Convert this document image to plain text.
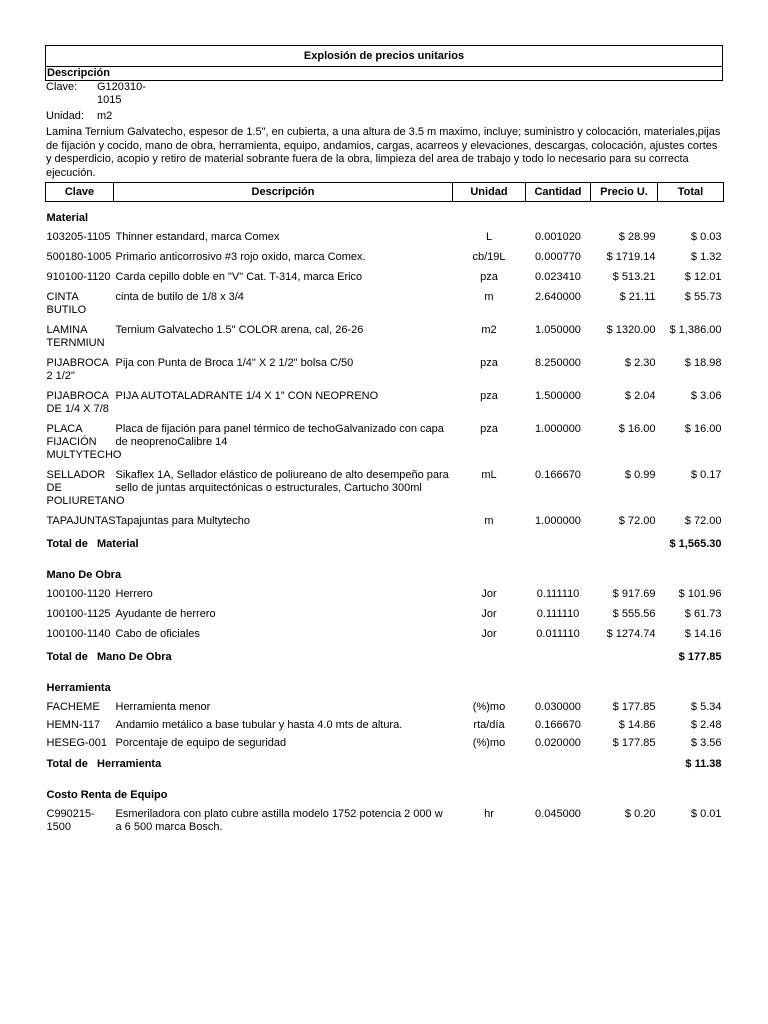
Explosión de precios unitarios
Descripción
Clave: G120310-1015
Unidad: m2
Lamina Ternium Galvatecho, espesor de 1.5", en cubierta, a una altura de 3.5 m maximo, incluye; suministro y colocación, materiales,pijas de fijación y cocido, mano de obra, herramienta, equipo, andamios, cargas, acarreos y elevaciones, descargas, colocación, ajustes cortes y desperdicio, acopio y retiro de material sobrante fuera de la obra, limpieza del area de trabajo y todo lo necesario para su correcta ejecución.
Clave	Descripción	Unidad	Cantidad	Precio U.	Total
Material					
103205-1105	Thinner estandard, marca Comex	L	0.001020	$ 28.99	$ 0.03
500180-1005	Primario anticorrosivo #3 rojo oxido, marca Comex.	cb/19L	0.000770	$ 1719.14	$ 1.32
910100-1120	Carda cepillo doble en "V" Cat. T-314, marca Erico	pza	0.023410	$ 513.21	$ 12.01
CINTA BUTILO	cinta de butilo de 1/8 x 3/4	m	2.640000	$ 21.11	$ 55.73
LAMINA TERNMIUN	Ternium Galvatecho 1.5" COLOR arena, cal, 26-26	m2	1.050000	$ 1320.00	$ 1,386.00
PIJABROCA 2 1/2"	Pija con Punta de Broca 1/4" X 2 1/2" bolsa C/50	pza	8.250000	$ 2.30	$ 18.98
PIJABROCA DE 1/4 X 7/8	PIJA AUTOTALADRANTE 1/4 X 1" CON NEOPRENO	pza	1.500000	$ 2.04	$ 3.06
PLACA FIJACIÓN MULTYTECHO	Placa de fijación para panel térmico de techoGalvanizado con capa de neoprenoCalibre 14	pza	1.000000	$ 16.00	$ 16.00
SELLADOR DE POLIURETANO	Sikaflex 1A, Sellador elástico de poliureano de alto desempeño para sello de juntas arquitectónicas o estructurales, Cartucho 300ml	mL	0.166670	$ 0.99	$ 0.17
TAPAJUNTAS	Tapajuntas para Multytecho	m	1.000000	$ 72.00	$ 72.00
Total de   Material					$ 1,565.30
Mano De Obra					
100100-1120	Herrero	Jor	0.111110	$ 917.69	$ 101.96
100100-1125	Ayudante de herrero	Jor	0.111110	$ 555.56	$ 61.73
100100-1140	Cabo de oficiales	Jor	0.011110	$ 1274.74	$ 14.16
Total de   Mano De Obra					$ 177.85
Herramienta					
FACHEME	Herramienta menor	(%)mo	0.030000	$ 177.85	$ 5.34
HEMN-117	Andamio metálico a base tubular y hasta 4.0 mts de altura.	rta/día	0.166670	$ 14.86	$ 2.48
HESEG-001	Porcentaje de equipo de seguridad	(%)mo	0.020000	$ 177.85	$ 3.56
Total de   Herramienta					$ 11.38
Costo Renta de Equipo					
C990215-1500	Esmeriladora con plato cubre astilla modelo 1752 potencia 2 000 w a 6 500 marca Bosch.	hr	0.045000	$ 0.20	$ 0.01
